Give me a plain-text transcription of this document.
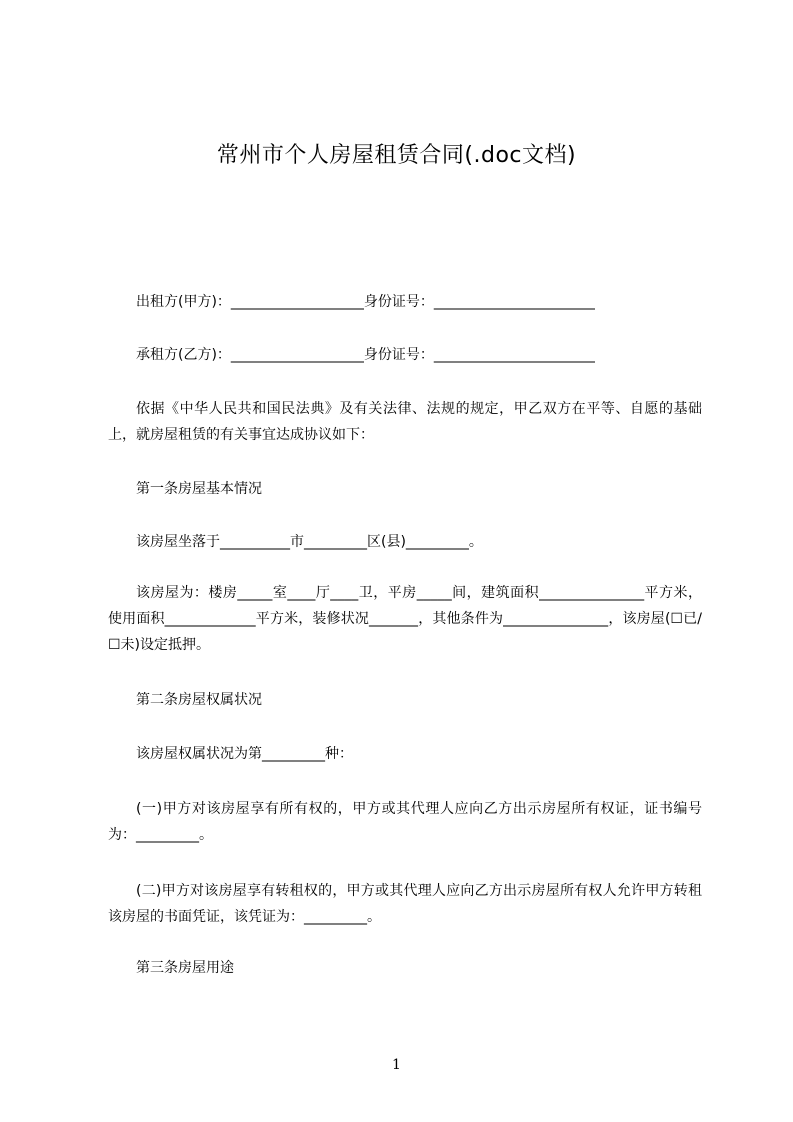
常州市个人房屋租赁合同(.doc文档)
出租方(甲方)：___________________身份证号：_______________________
承租方(乙方)：___________________身份证号：_______________________

依据《中华人民共和国民法典》及有关法律、法规的规定，甲乙双方在平等、自愿的基础上，就房屋租赁的有关事宜达成协议如下：

第一条房屋基本情况
该房屋坐落于__________市_________区(县)_________。

该房屋为：楼房_____室____厅____卫，平房_____间，建筑面积_______________平方米，使用面积_____________平方米，装修状况_______，其他条件为_______________，该房屋(☐已/☐未)设定抵押。

第二条房屋权属状况
该房屋权属状况为第_________种：

(一)甲方对该房屋享有所有权的，甲方或其代理人应向乙方出示房屋所有权证，证书编号为：_________。

(二)甲方对该房屋享有转租权的，甲方或其代理人应向乙方出示房屋所有权人允许甲方转租该房屋的书面凭证，该凭证为：_________。

第三条房屋用途
1
